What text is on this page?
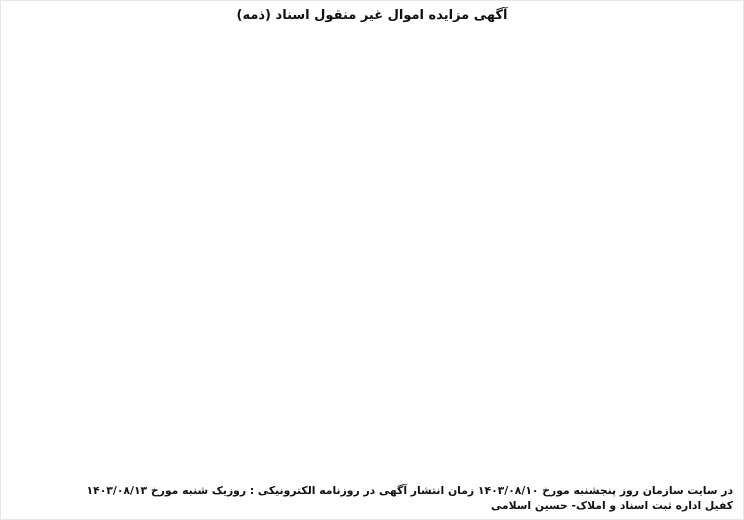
آگهی مزایده اموال غیر منقول اسناد (ذمه)
در سایت سازمان روز پنجشنبه مورخ ۱۴۰۳/۰۸/۱۰ زمان انتشار آگهی در روزنامه الکترونیکی : روزیک شنبه مورخ ۱۴۰۳/۰۸/۱۳
کفیل اداره ثبت اسناد و املاک- حسین اسلامی
